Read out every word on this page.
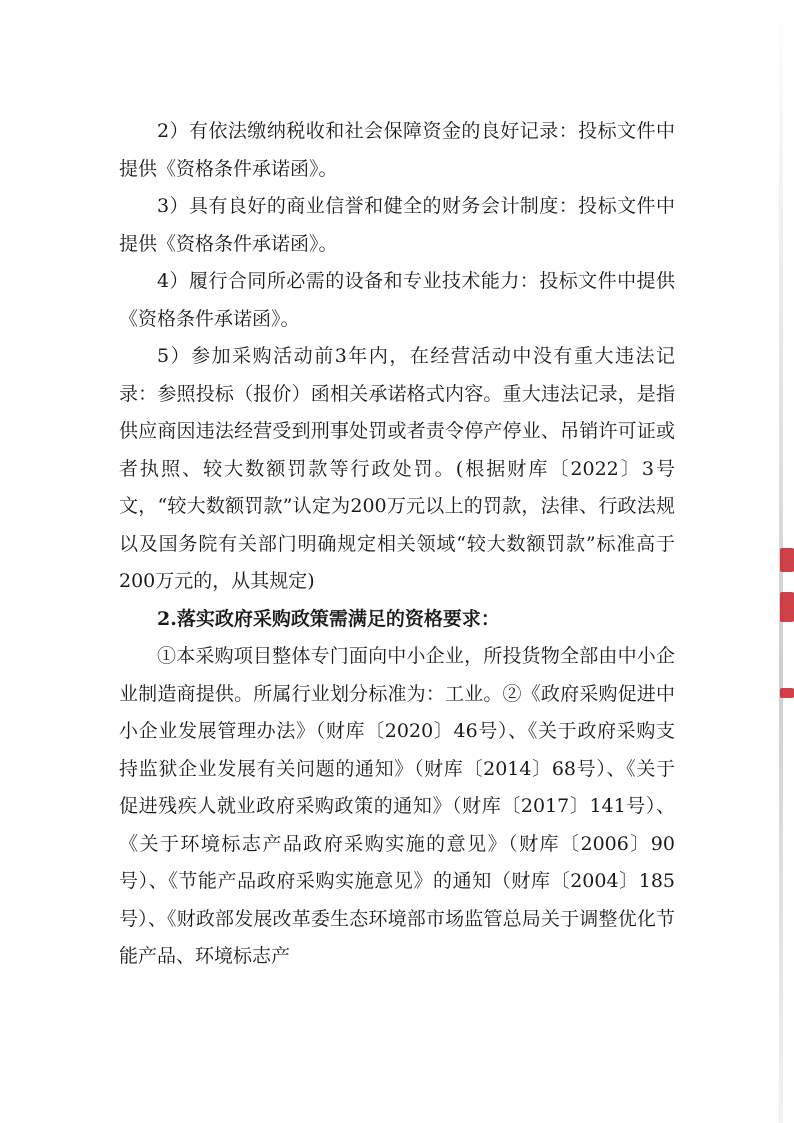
2）有依法缴纳税收和社会保障资金的良好记录：投标文件中提供《资格条件承诺函》。

3）具有良好的商业信誉和健全的财务会计制度：投标文件中提供《资格条件承诺函》。

4）履行合同所必需的设备和专业技术能力：投标文件中提供《资格条件承诺函》。

5）参加采购活动前3年内，在经营活动中没有重大违法记录：参照投标（报价）函相关承诺格式内容。重大违法记录，是指供应商因违法经营受到刑事处罚或者责令停产停业、吊销许可证或者执照、较大数额罚款等行政处罚。(根据财库〔2022〕3号文，“较大数额罚款”认定为200万元以上的罚款，法律、行政法规以及国务院有关部门明确规定相关领域“较大数额罚款”标准高于200万元的，从其规定)

2.落实政府采购政策需满足的资格要求：

①本采购项目整体专门面向中小企业，所投货物全部由中小企业制造商提供。所属行业划分标准为：工业。②《政府采购促进中小企业发展管理办法》（财库〔2020〕46号）、《关于政府采购支持监狱企业发展有关问题的通知》（财库〔2014〕68号）、《关于促进残疾人就业政府采购政策的通知》（财库〔2017〕141号）、《关于环境标志产品政府采购实施的意见》（财库〔2006〕90号）、《节能产品政府采购实施意见》的通知（财库〔2004〕185号）、《财政部发展改革委生态环境部市场监管总局关于调整优化节能产品、环境标志产
